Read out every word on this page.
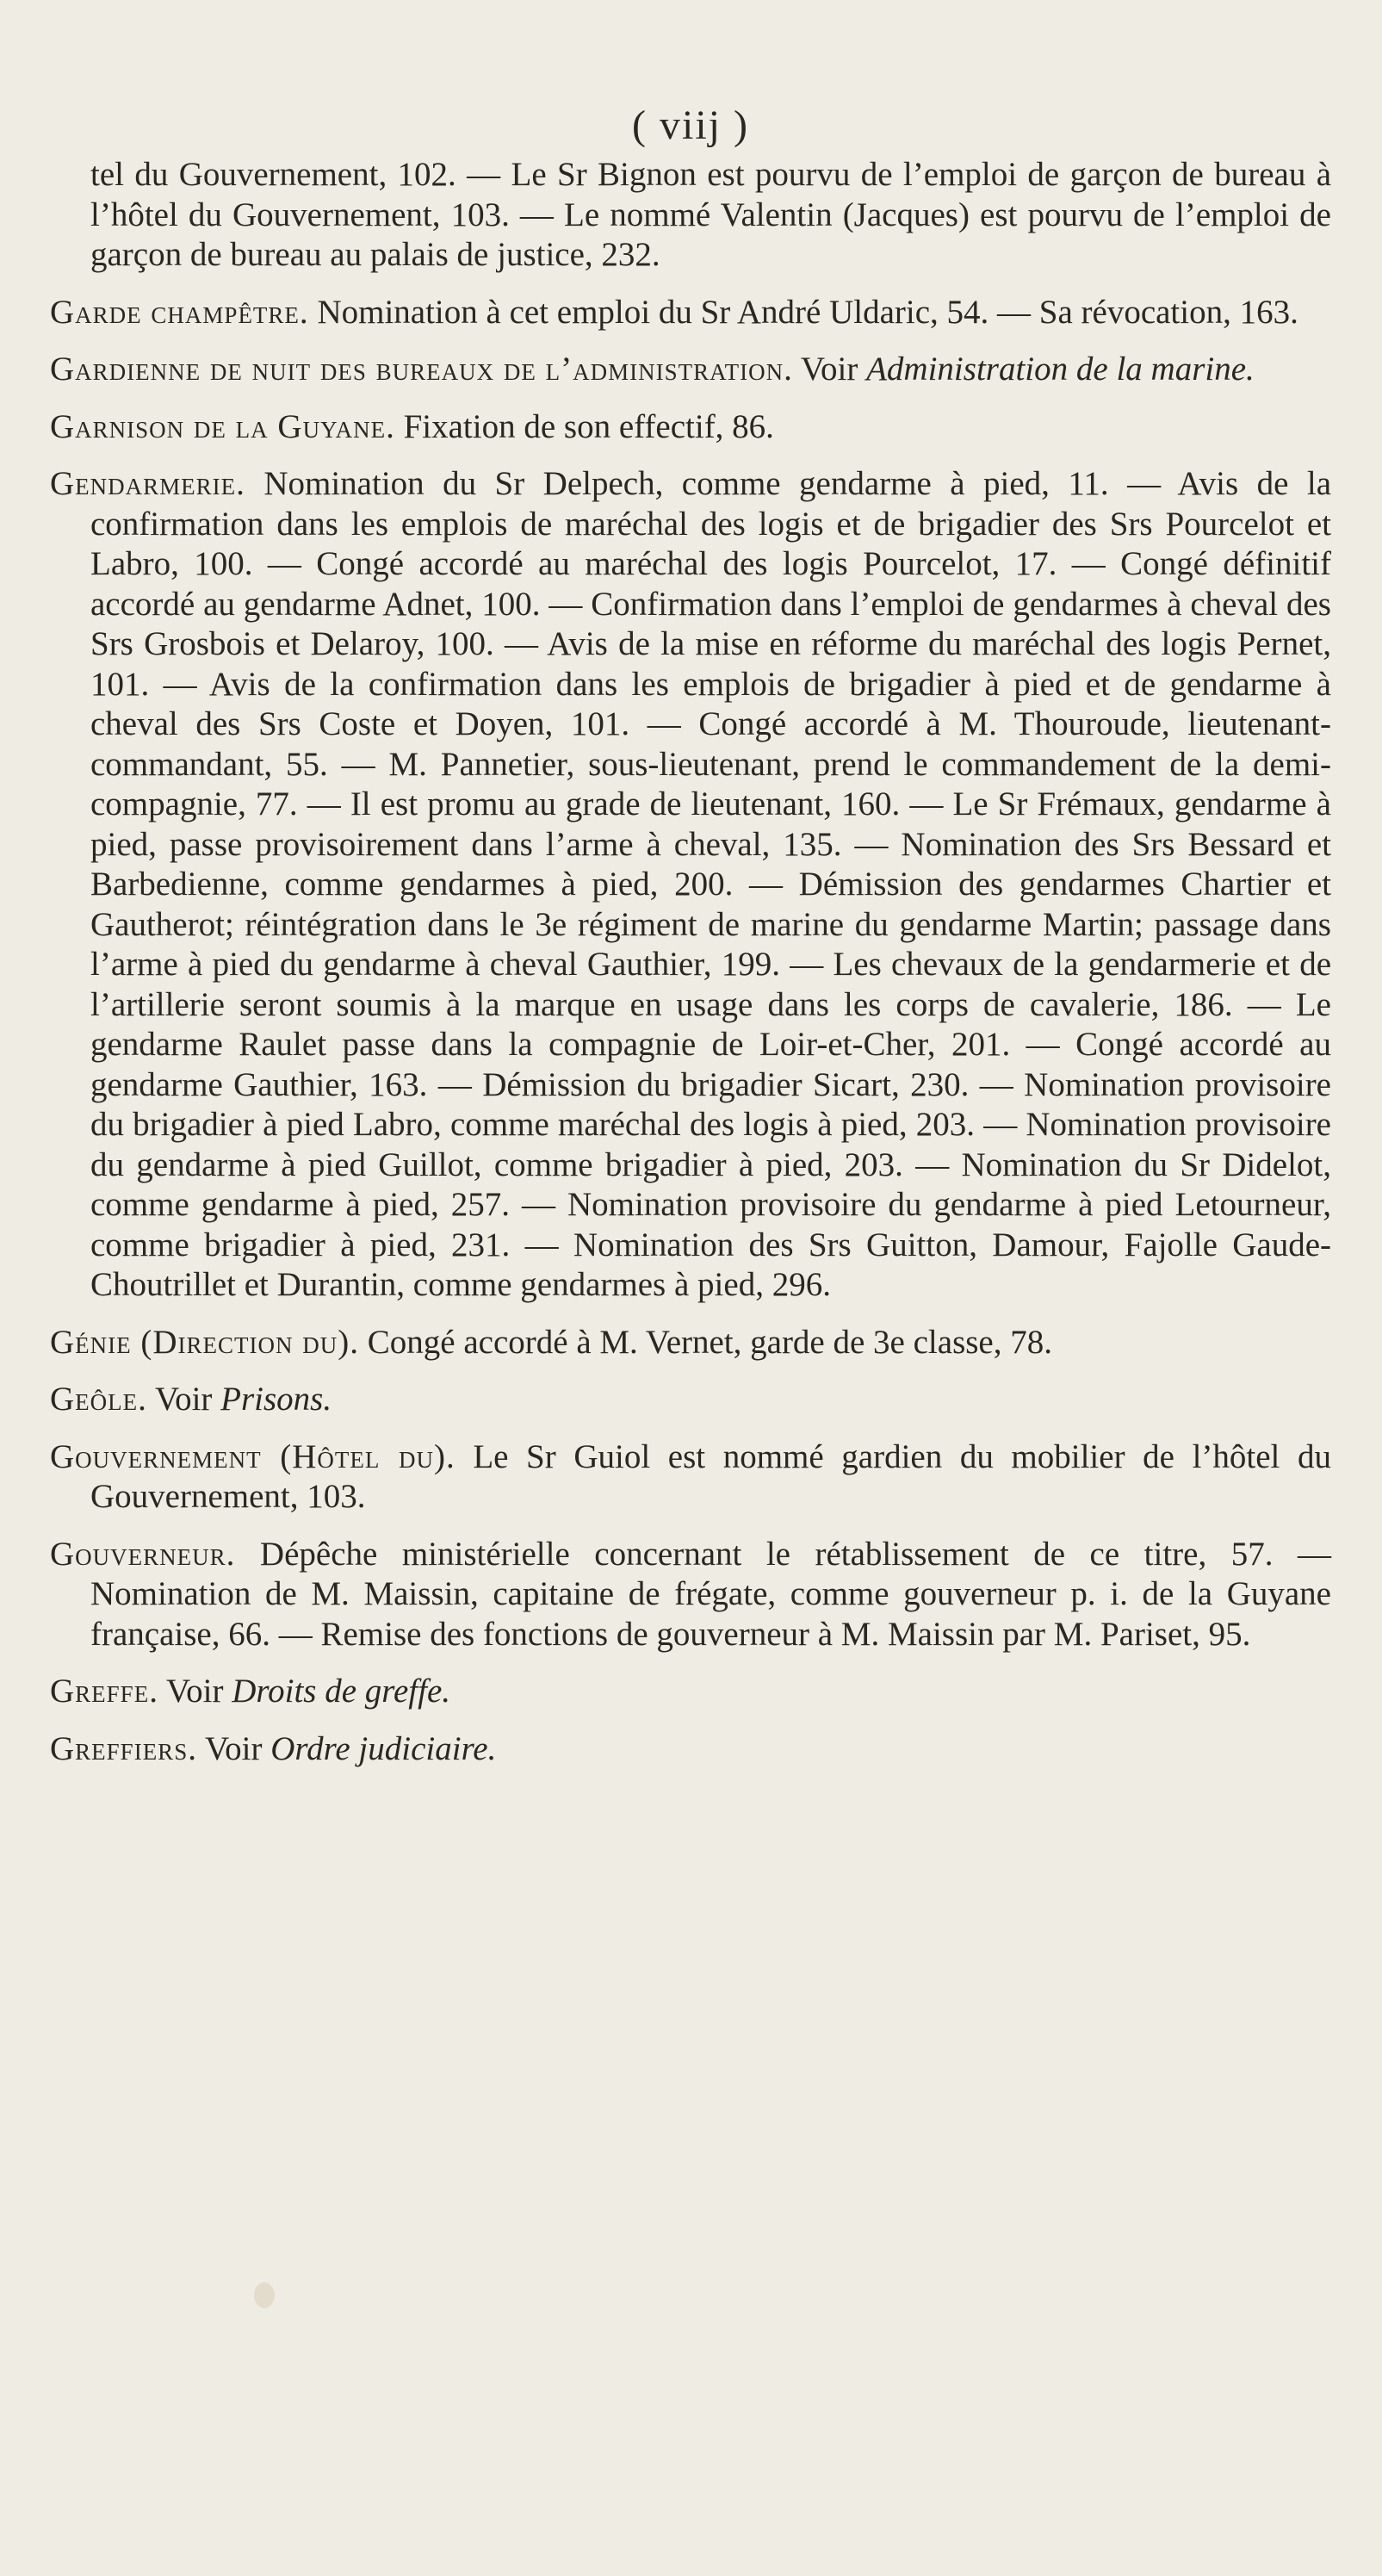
( viij )

tel du Gouvernement, 102. — Le Sr Bignon est pourvu de l’emploi de garçon de bureau à l’hôtel du Gouvernement, 103. — Le nommé Valentin (Jacques) est pourvu de l’emploi de garçon de bureau au palais de justice, 232.

Garde champêtre. Nomination à cet emploi du Sr André Uldaric, 54. — Sa révocation, 163.

Gardienne de nuit des bureaux de l’administration. Voir Administration de la marine.

Garnison de la Guyane. Fixation de son effectif, 86.

Gendarmerie. Nomination du Sr Delpech, comme gendarme à pied, 11. — Avis de la confirmation dans les emplois de maréchal des logis et de brigadier des Srs Pourcelot et Labro, 100. — Congé accordé au maréchal des logis Pourcelot, 17. — Congé définitif accordé au gendarme Adnet, 100. — Confirmation dans l’emploi de gendarmes à cheval des Srs Grosbois et Delaroy, 100. — Avis de la mise en réforme du maréchal des logis Pernet, 101. — Avis de la confirmation dans les emplois de brigadier à pied et de gendarme à cheval des Srs Coste et Doyen, 101. — Congé accordé à M. Thouroude, lieutenant-commandant, 55. — M. Pannetier, sous-lieutenant, prend le commandement de la demi-compagnie, 77. — Il est promu au grade de lieutenant, 160. — Le Sr Frémaux, gendarme à pied, passe provisoirement dans l’arme à cheval, 135. — Nomination des Srs Bessard et Barbedienne, comme gendarmes à pied, 200. — Démission des gendarmes Chartier et Gautherot; réintégration dans le 3e régiment de marine du gendarme Martin; passage dans l’arme à pied du gendarme à cheval Gauthier, 199. — Les chevaux de la gendarmerie et de l’artillerie seront soumis à la marque en usage dans les corps de cavalerie, 186. — Le gendarme Raulet passe dans la compagnie de Loir-et-Cher, 201. — Congé accordé au gendarme Gauthier, 163. — Démission du brigadier Sicart, 230. — Nomination provisoire du brigadier à pied Labro, comme maréchal des logis à pied, 203. — Nomination provisoire du gendarme à pied Guillot, comme brigadier à pied, 203. — Nomination du Sr Didelot, comme gendarme à pied, 257. — Nomination provisoire du gendarme à pied Letourneur, comme brigadier à pied, 231. — Nomination des Srs Guitton, Damour, Fajolle Gaude-Choutrillet et Durantin, comme gendarmes à pied, 296.

Génie (Direction du). Congé accordé à M. Vernet, garde de 3e classe, 78.

Geôle. Voir Prisons.

Gouvernement (Hôtel du). Le Sr Guiol est nommé gardien du mobilier de l’hôtel du Gouvernement, 103.

Gouverneur. Dépêche ministérielle concernant le rétablissement de ce titre, 57. — Nomination de M. Maissin, capitaine de frégate, comme gouverneur p. i. de la Guyane française, 66. — Remise des fonctions de gouverneur à M. Maissin par M. Pariset, 95.

Greffe. Voir Droits de greffe.

Greffiers. Voir Ordre judiciaire.
